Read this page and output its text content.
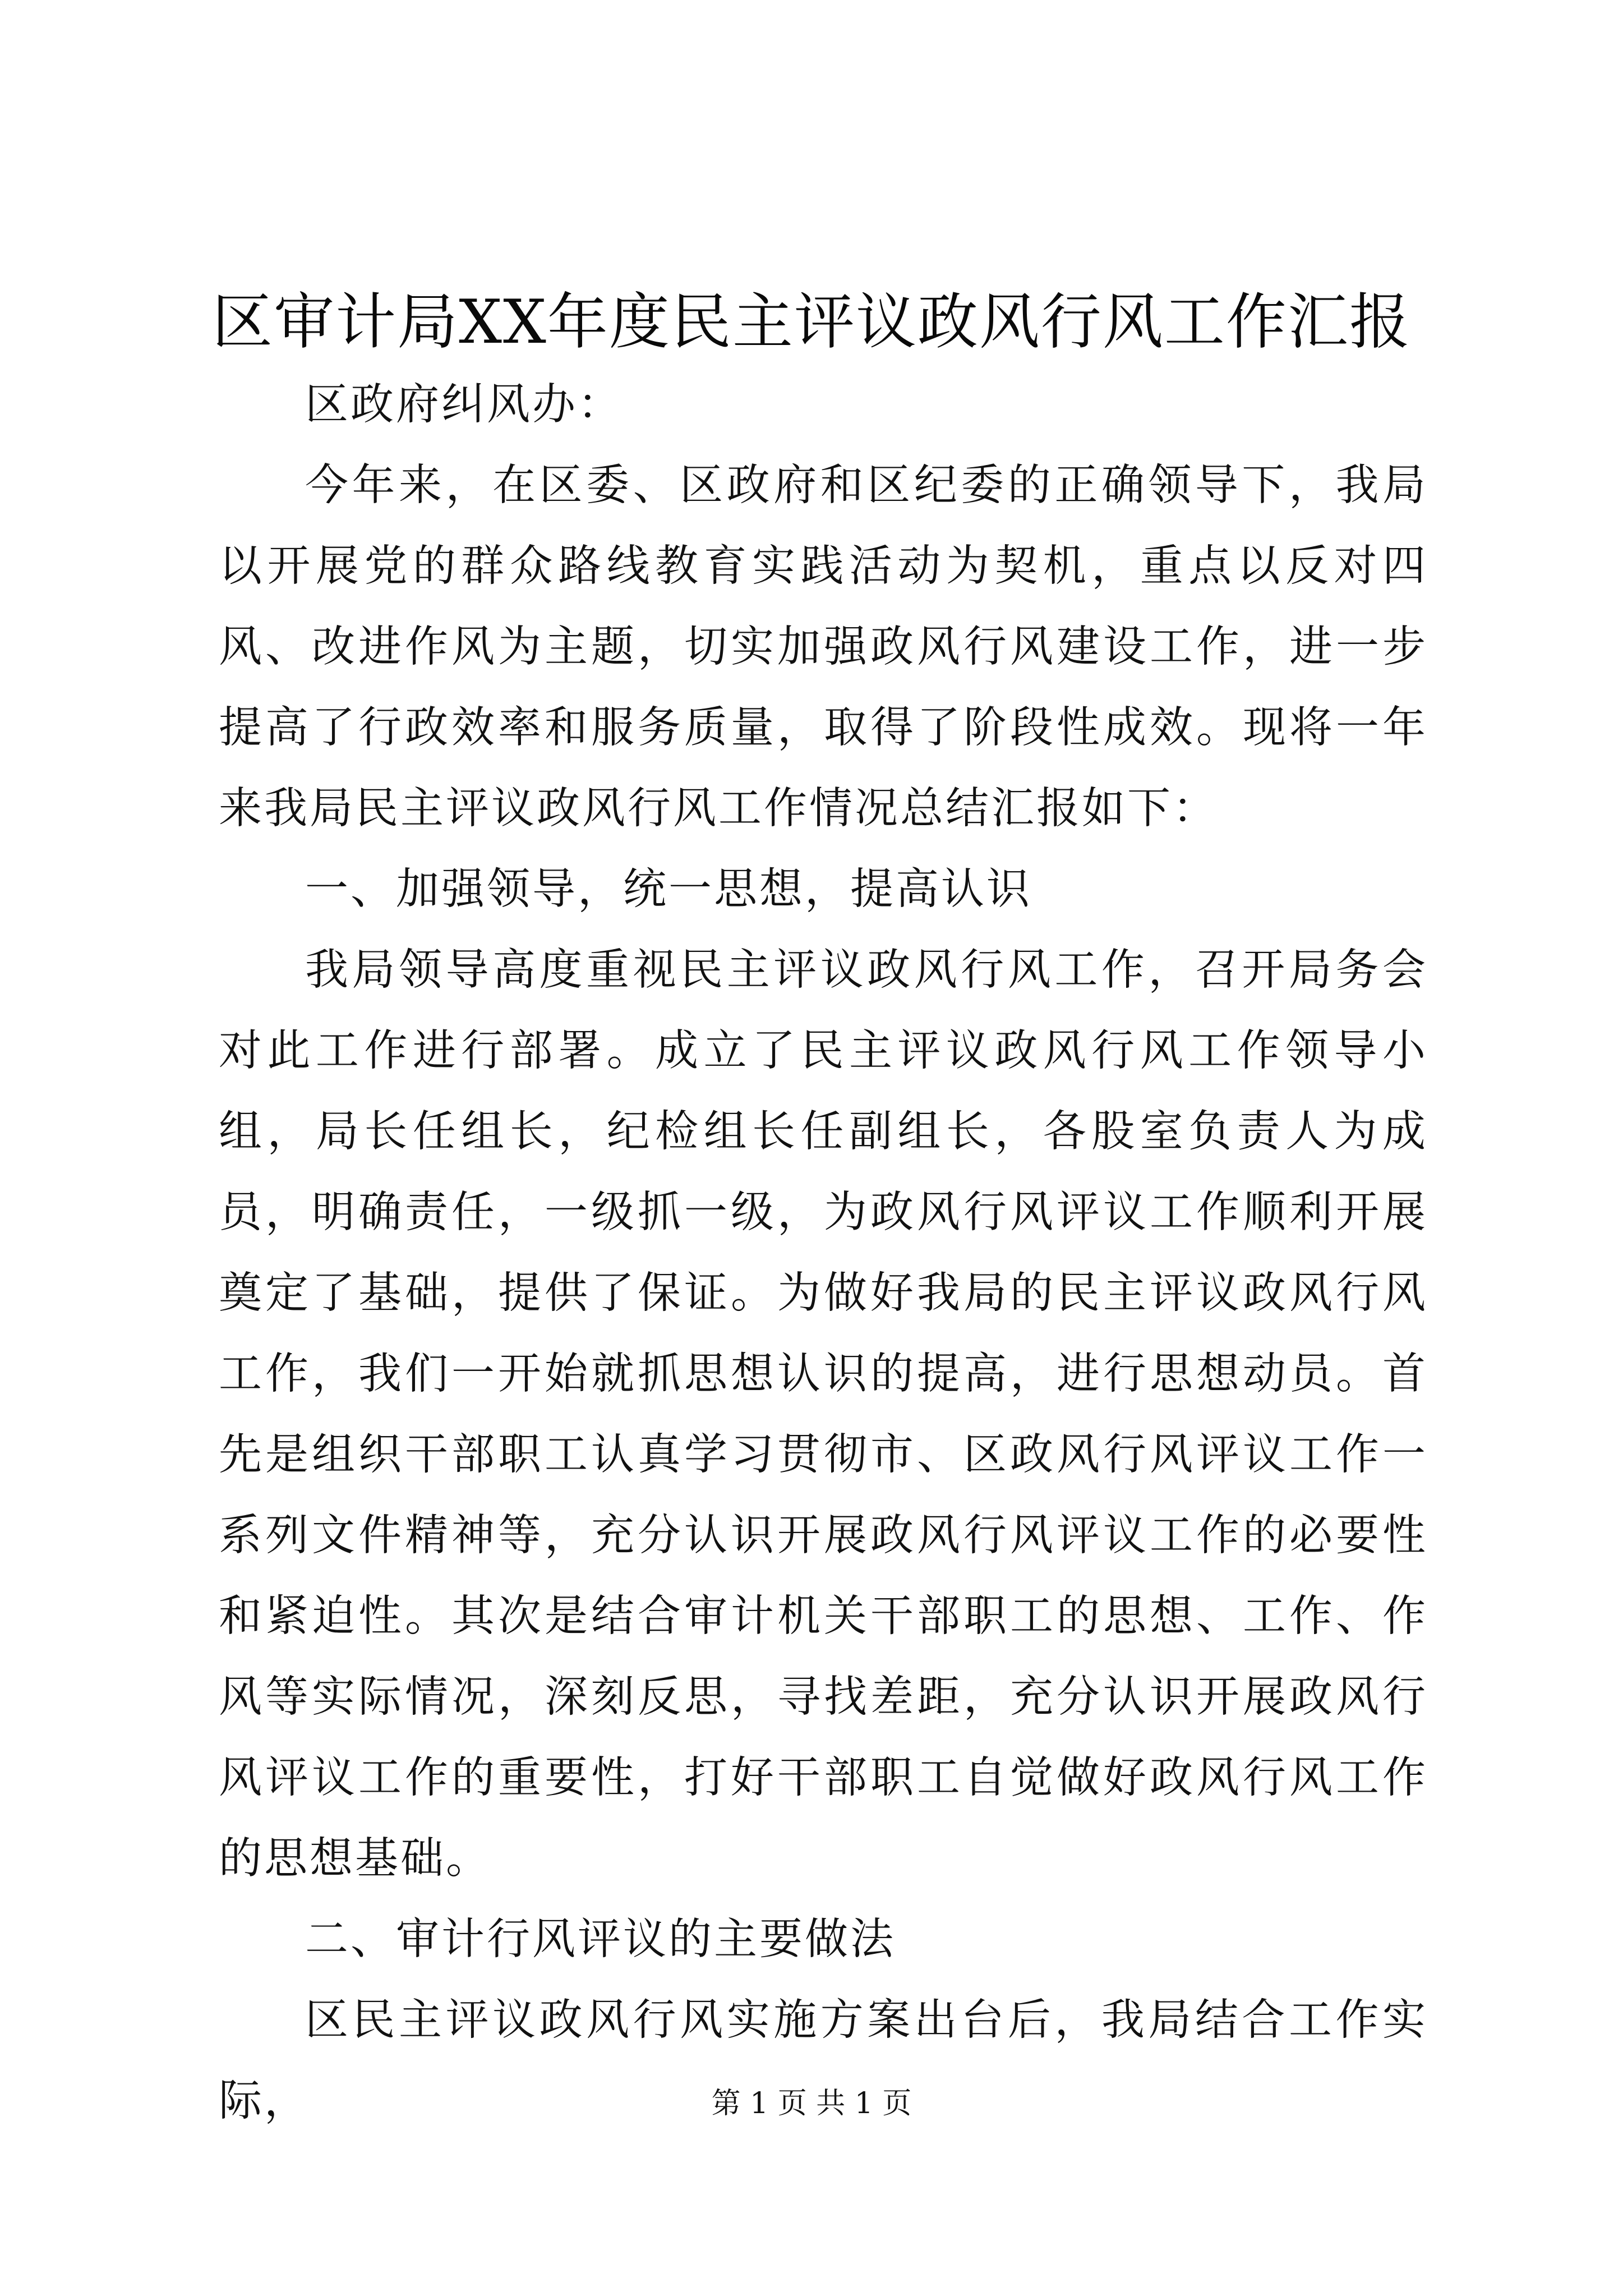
区审计局XX年度民主评议政风行风工作汇报

区政府纠风办：

今年来，在区委、区政府和区纪委的正确领导下，我局以开展党的群众路线教育实践活动为契机，重点以反对四风、改进作风为主题，切实加强政风行风建设工作，进一步提高了行政效率和服务质量，取得了阶段性成效。现将一年来我局民主评议政风行风工作情况总结汇报如下：

一、加强领导，统一思想，提高认识

我局领导高度重视民主评议政风行风工作，召开局务会对此工作进行部署。成立了民主评议政风行风工作领导小组，局长任组长，纪检组长任副组长，各股室负责人为成员，明确责任，一级抓一级，为政风行风评议工作顺利开展奠定了基础，提供了保证。为做好我局的民主评议政风行风工作，我们一开始就抓思想认识的提高，进行思想动员。首先是组织干部职工认真学习贯彻市、区政风行风评议工作一系列文件精神等，充分认识开展政风行风评议工作的必要性和紧迫性。其次是结合审计机关干部职工的思想、工作、作风等实际情况，深刻反思，寻找差距，充分认识开展政风行风评议工作的重要性，打好干部职工自觉做好政风行风工作的思想基础。

二、审计行风评议的主要做法

区民主评议政风行风实施方案出台后，我局结合工作实际，	第 1 页 共 1 页
